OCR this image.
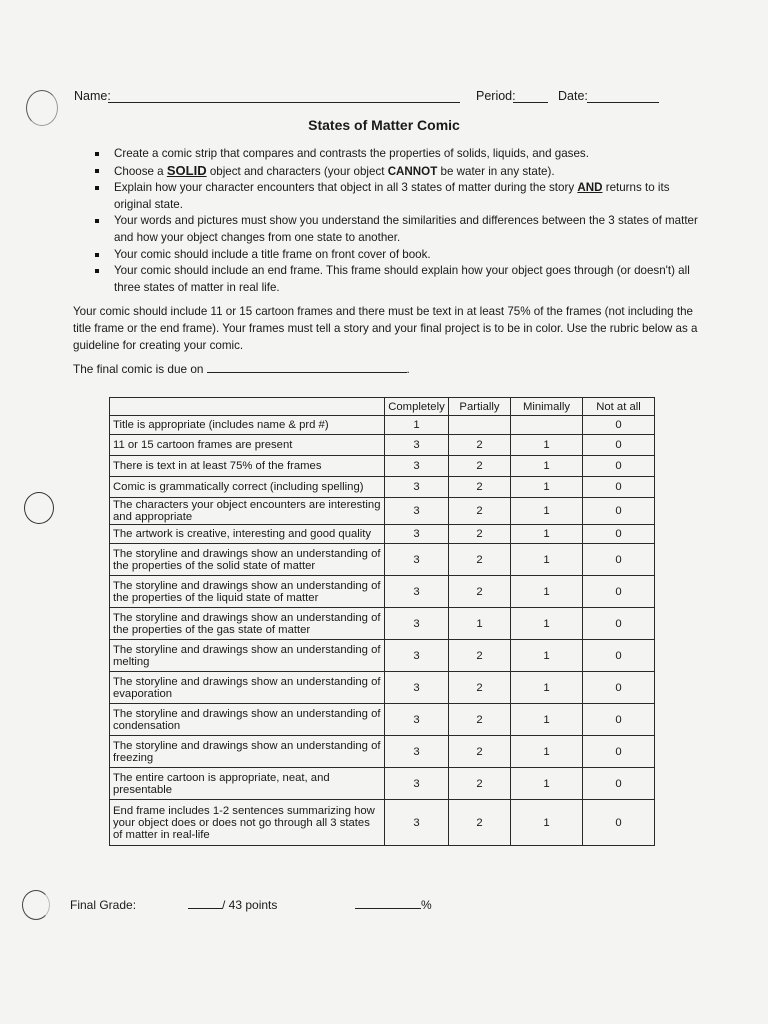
Name:	Period:	Date:
States of Matter Comic
Create a comic strip that compares and contrasts the properties of solids, liquids, and gases.
Choose a SOLID object and characters (your object CANNOT be water in any state).
Explain how your character encounters that object in all 3 states of matter during the story AND returns to its original state.
Your words and pictures must show you understand the similarities and differences between the 3 states of matter and how your object changes from one state to another.
Your comic should include a title frame on front cover of book.
Your comic should include an end frame. This frame should explain how your object goes through (or doesn't) all three states of matter in real life.

Your comic should include 11 or 15 cartoon frames and there must be text in at least 75% of the frames (not including the title frame or the end frame). Your frames must tell a story and your final project is to be in color. Use the rubric below as a guideline for creating your comic.

The final comic is due on	.
	Completely	Partially	Minimally	Not at all
Title is appropriate (includes name & prd #)	1			0
11 or 15 cartoon frames are present	3	2	1	0
There is text in at least 75% of the frames	3	2	1	0
Comic is grammatically correct (including spelling)	3	2	1	0
The characters your object encounters are interesting and appropriate	3	2	1	0
The artwork is creative, interesting and good quality	3	2	1	0
The storyline and drawings show an understanding of the properties of the solid state of matter	3	2	1	0
The storyline and drawings show an understanding of the properties of the liquid state of matter	3	2	1	0
The storyline and drawings show an understanding of the properties of the gas state of matter	3	1	1	0
The storyline and drawings show an understanding of melting	3	2	1	0
The storyline and drawings show an understanding of evaporation	3	2	1	0
The storyline and drawings show an understanding of condensation	3	2	1	0
The storyline and drawings show an understanding of freezing	3	2	1	0
The entire cartoon is appropriate, neat, and presentable	3	2	1	0
End frame includes 1-2 sentences summarizing how your object does or does not go through all 3 states of matter in real-life	3	2	1	0
Final Grade:	/ 43 points	%
